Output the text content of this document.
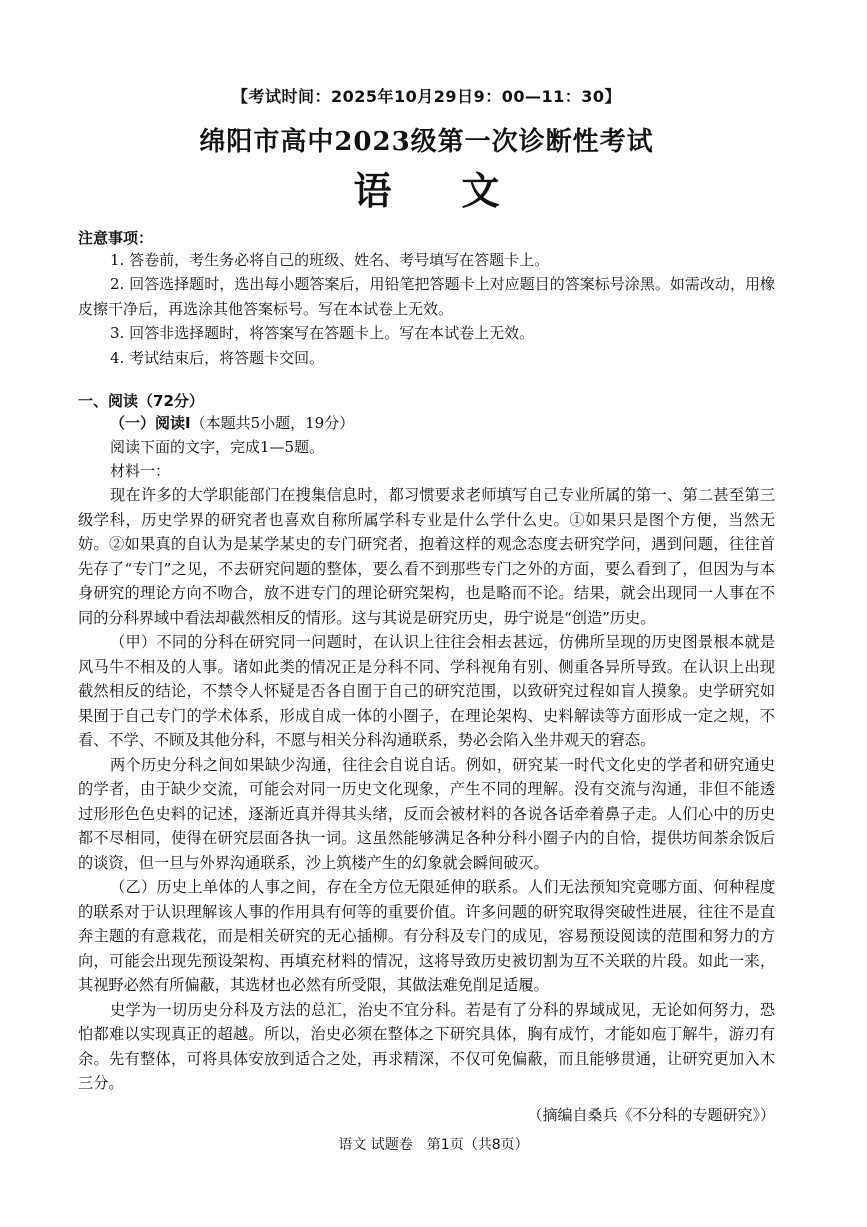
【考试时间：2025年10月29日9：00—11：30】
绵阳市高中2023级第一次诊断性考试
语 文
注意事项：

1. 答卷前，考生务必将自己的班级、姓名、考号填写在答题卡上。

2. 回答选择题时，选出每小题答案后，用铅笔把答题卡上对应题目的答案标号涂黑。如需改动，用橡皮擦干净后，再选涂其他答案标号。写在本试卷上无效。

3. 回答非选择题时，将答案写在答题卡上。写在本试卷上无效。

4. 考试结束后，将答题卡交回。

一、阅读（72分）
（一）阅读Ⅰ（本题共5小题，19分）
阅读下面的文字，完成1—5题。
材料一：

现在许多的大学职能部门在搜集信息时，都习惯要求老师填写自己专业所属的第一、第二甚至第三级学科，历史学界的研究者也喜欢自称所属学科专业是什么学什么史。①如果只是图个方便，当然无妨。②如果真的自认为是某学某史的专门研究者，抱着这样的观念态度去研究学问，遇到问题，往往首先存了“专门”之见，不去研究问题的整体，要么看不到那些专门之外的方面，要么看到了，但因为与本身研究的理论方向不吻合，放不进专门的理论研究架构，也是略而不论。结果，就会出现同一人事在不同的分科界域中看法却截然相反的情形。这与其说是研究历史，毋宁说是“创造”历史。

（甲）不同的分科在研究同一问题时，在认识上往往会相去甚远，仿佛所呈现的历史图景根本就是风马牛不相及的人事。诸如此类的情况正是分科不同、学科视角有别、侧重各异所导致。在认识上出现截然相反的结论，不禁令人怀疑是否各自囿于自己的研究范围，以致研究过程如盲人摸象。史学研究如果囿于自己专门的学术体系，形成自成一体的小圈子，在理论架构、史料解读等方面形成一定之规，不看、不学、不顾及其他分科，不愿与相关分科沟通联系，势必会陷入坐井观天的窘态。

两个历史分科之间如果缺少沟通，往往会自说自话。例如，研究某一时代文化史的学者和研究通史的学者，由于缺少交流，可能会对同一历史文化现象，产生不同的理解。没有交流与沟通，非但不能透过形形色色史料的记述，逐渐近真并得其头绪，反而会被材料的各说各话牵着鼻子走。人们心中的历史都不尽相同，使得在研究层面各执一词。这虽然能够满足各种分科小圈子内的自恰，提供坊间茶余饭后的谈资，但一旦与外界沟通联系，沙上筑楼产生的幻象就会瞬间破灭。

（乙）历史上单体的人事之间，存在全方位无限延伸的联系。人们无法预知究竟哪方面、何种程度的联系对于认识理解该人事的作用具有何等的重要价值。许多问题的研究取得突破性进展，往往不是直奔主题的有意栽花，而是相关研究的无心插柳。有分科及专门的成见，容易预设阅读的范围和努力的方向，可能会出现先预设架构、再填充材料的情况，这将导致历史被切割为互不关联的片段。如此一来，其视野必然有所偏蔽，其选材也必然有所受限，其做法难免削足适履。

史学为一切历史分科及方法的总汇，治史不宜分科。若是有了分科的界域成见，无论如何努力，恐怕都难以实现真正的超越。所以，治史必须在整体之下研究具体，胸有成竹，才能如庖丁解牛，游刃有余。先有整体，可将具体安放到适合之处，再求精深，不仅可免偏蔽，而且能够贯通，让研究更加入木三分。

（摘编自桑兵《不分科的专题研究》）
语文 试题卷　第1页（共8页）
